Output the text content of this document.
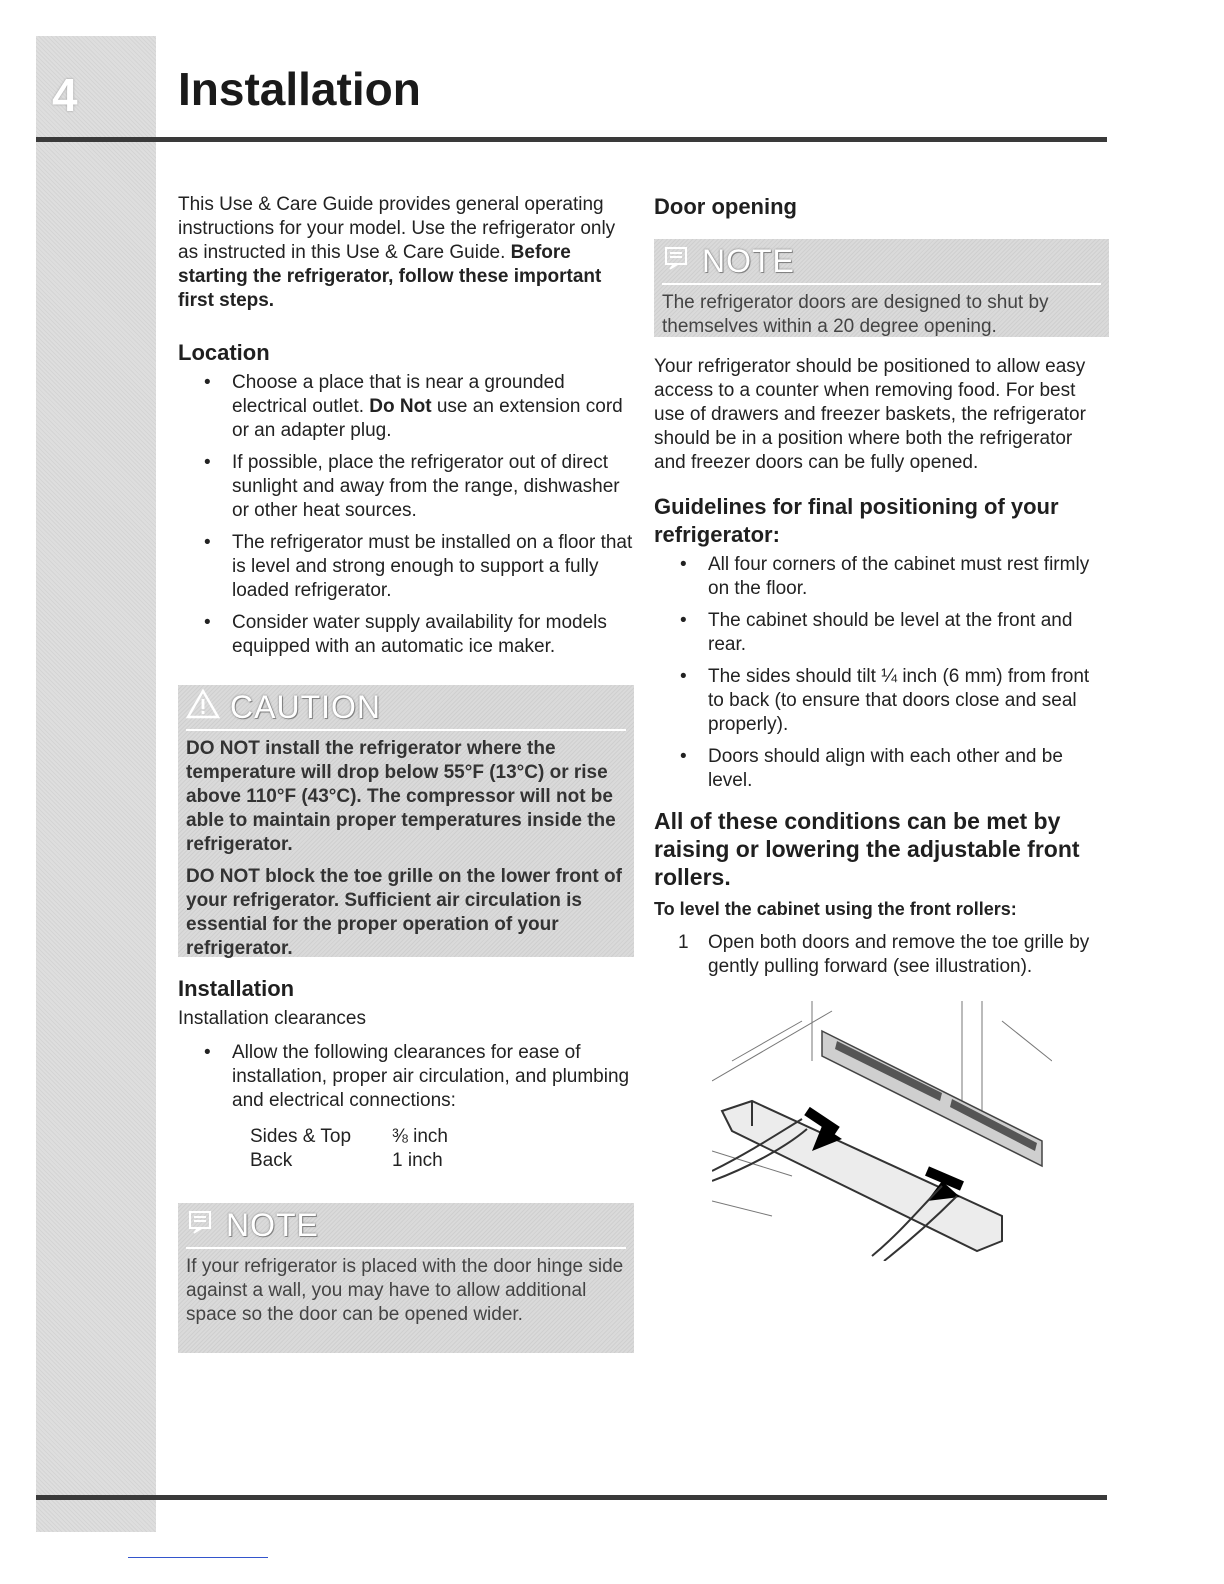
4 Installation

This Use & Care Guide provides general operating instructions for your model. Use the refrigerator only as instructed in this Use & Care Guide. Before starting the refrigerator, follow these important first steps.

Location
• Choose a place that is near a grounded electrical outlet. Do Not use an extension cord or an adapter plug.
• If possible, place the refrigerator out of direct sunlight and away from the range, dishwasher or other heat sources.
• The refrigerator must be installed on a floor that is level and strong enough to support a fully loaded refrigerator.
• Consider water supply availability for models equipped with an automatic ice maker.
CAUTION

DO NOT install the refrigerator where the temperature will drop below 55°F (13°C) or rise above 110°F (43°C). The compressor will not be able to maintain proper temperatures inside the refrigerator.

DO NOT block the toe grille on the lower front of your refrigerator. Sufficient air circulation is essential for the proper operation of your refrigerator.

Installation

Installation clearances

• Allow the following clearances for ease of installation, proper air circulation, and plumbing and electrical connections:
Sides & Top	⅜ inch
Back	1 inch
NOTE
If your refrigerator is placed with the door hinge side against a wall, you may have to allow additional space so the door can be opened wider.
Door opening
NOTE
The refrigerator doors are designed to shut by themselves within a 20 degree opening.

Your refrigerator should be positioned to allow easy access to a counter when removing food. For best use of drawers and freezer baskets, the refrigerator should be in a position where both the refrigerator and freezer doors can be fully opened.

Guidelines for final positioning of your refrigerator:
• All four corners of the cabinet must rest firmly on the floor.
• The cabinet should be level at the front and rear.
• The sides should tilt ¼ inch (6 mm) from front to back (to ensure that doors close and seal properly).
• Doors should align with each other and be level.
All of these conditions can be met by raising or lowering the adjustable front rollers.

To level the cabinet using the front rollers:

1 Open both doors and remove the toe grille by gently pulling forward (see illustration).
